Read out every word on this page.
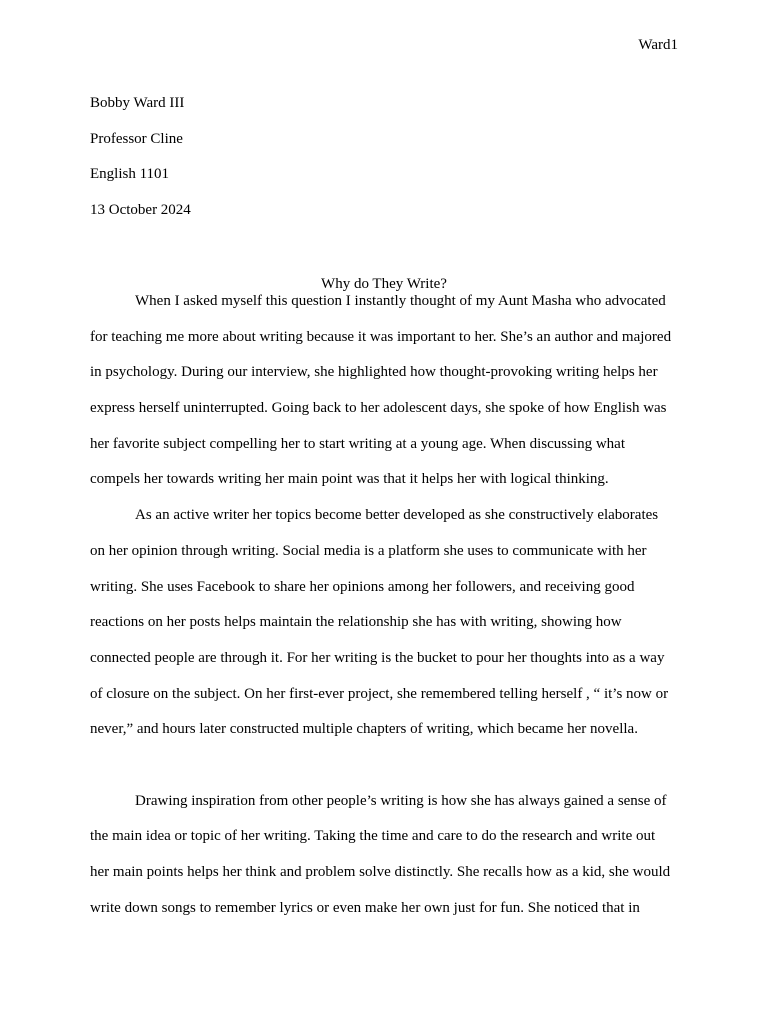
Ward1
Bobby Ward III
Professor Cline
English 1101
13 October 2024
Why do They Write?
When I asked myself this question I instantly thought of my Aunt Masha who advocated
for teaching me more about writing because it was important to her. She’s an author and majored
in psychology. During our interview, she highlighted how thought-provoking writing helps her
express herself uninterrupted. Going back to her adolescent days, she spoke of how English was
her favorite subject compelling her to start writing at a young age. When discussing what
compels her towards writing her main point was that it helps her with logical thinking.
As an active writer her topics become better developed as she constructively elaborates
on her opinion through writing. Social media is a platform she uses to communicate with her
writing. She uses Facebook to share her opinions among her followers, and receiving good
reactions on her posts helps maintain the relationship she has with writing, showing how
connected people are through it. For her writing is the bucket to pour her thoughts into as a way
of closure on the subject. On her first-ever project, she remembered telling herself , “ it’s now or
never,” and hours later constructed multiple chapters of writing, which became her novella.
Drawing inspiration from other people’s writing is how she has always gained a sense of
the main idea or topic of her writing. Taking the time and care to do the research and write out
her main points helps her think and problem solve distinctly. She recalls how as a kid, she would
write down songs to remember lyrics or even make her own just for fun. She noticed that in
